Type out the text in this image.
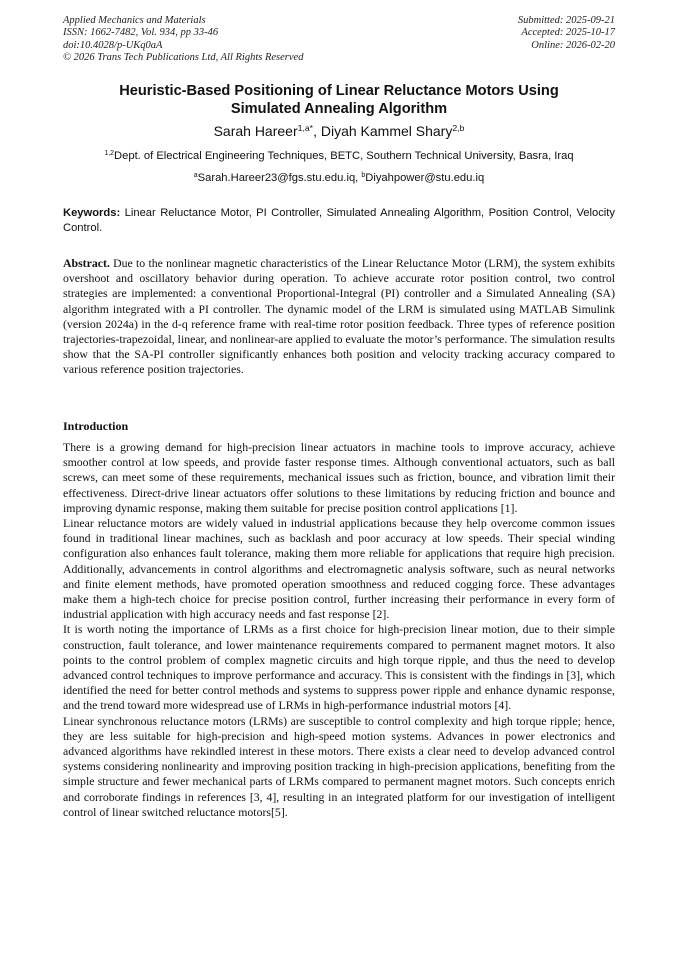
Applied Mechanics and Materials
ISSN: 1662-7482, Vol. 934, pp 33-46
doi:10.4028/p-UKq0aA
© 2026 Trans Tech Publications Ltd, All Rights Reserved
Submitted: 2025-09-21
Accepted: 2025-10-17
Online: 2026-02-20
Heuristic-Based Positioning of Linear Reluctance Motors Using
Simulated Annealing Algorithm
Sarah Hareer$^{1,a*}$, Diyah Kammel Shary$^{2,b}$
$^{1,2}$Dept. of Electrical Engineering Techniques, BETC, Southern Technical University, Basra, Iraq
$^a$Sarah.Hareer23@fgs.stu.edu.iq, $^b$Diyahpower@stu.edu.iq
Keywords: Linear Reluctance Motor, PI Controller, Simulated Annealing Algorithm, Position Control, Velocity Control.
Abstract. Due to the nonlinear magnetic characteristics of the Linear Reluctance Motor (LRM), the system exhibits overshoot and oscillatory behavior during operation. To achieve accurate rotor position control, two control strategies are implemented: a conventional Proportional-Integral (PI) controller and a Simulated Annealing (SA) algorithm integrated with a PI controller. The dynamic model of the LRM is simulated using MATLAB Simulink (version 2024a) in the d-q reference frame with real-time rotor position feedback. Three types of reference position trajectories-trapezoidal, linear, and nonlinear-are applied to evaluate the motor’s performance. The simulation results show that the SA-PI controller significantly enhances both position and velocity tracking accuracy compared to various reference position trajectories.
Introduction

There is a growing demand for high-precision linear actuators in machine tools to improve accuracy, achieve smoother control at low speeds, and provide faster response times. Although conventional actuators, such as ball screws, can meet some of these requirements, mechanical issues such as friction, bounce, and vibration limit their effectiveness. Direct-drive linear actuators offer solutions to these limitations by reducing friction and bounce and improving dynamic response, making them suitable for precise position control applications [1].

Linear reluctance motors are widely valued in industrial applications because they help overcome common issues found in traditional linear machines, such as backlash and poor accuracy at low speeds. Their special winding configuration also enhances fault tolerance, making them more reliable for applications that require high precision. Additionally, advancements in control algorithms and electromagnetic analysis software, such as neural networks and finite element methods, have promoted operation smoothness and reduced cogging force. These advantages make them a high-tech choice for precise position control, further increasing their performance in every form of industrial application with high accuracy needs and fast response [2].

It is worth noting the importance of LRMs as a first choice for high-precision linear motion, due to their simple construction, fault tolerance, and lower maintenance requirements compared to permanent magnet motors. It also points to the control problem of complex magnetic circuits and high torque ripple, and thus the need to develop advanced control techniques to improve performance and accuracy. This is consistent with the findings in [3], which identified the need for better control methods and systems to suppress power ripple and enhance dynamic response, and the trend toward more widespread use of LRMs in high-performance industrial motors [4].

Linear synchronous reluctance motors (LRMs) are susceptible to control complexity and high torque ripple; hence, they are less suitable for high-precision and high-speed motion systems. Advances in power electronics and advanced algorithms have rekindled interest in these motors. There exists a clear need to develop advanced control systems considering nonlinearity and improving position tracking in high-precision applications, benefiting from the simple structure and fewer mechanical parts of LRMs compared to permanent magnet motors. Such concepts enrich and corroborate findings in references [3, 4], resulting in an integrated platform for our investigation of intelligent control of linear switched reluctance motors[5].
